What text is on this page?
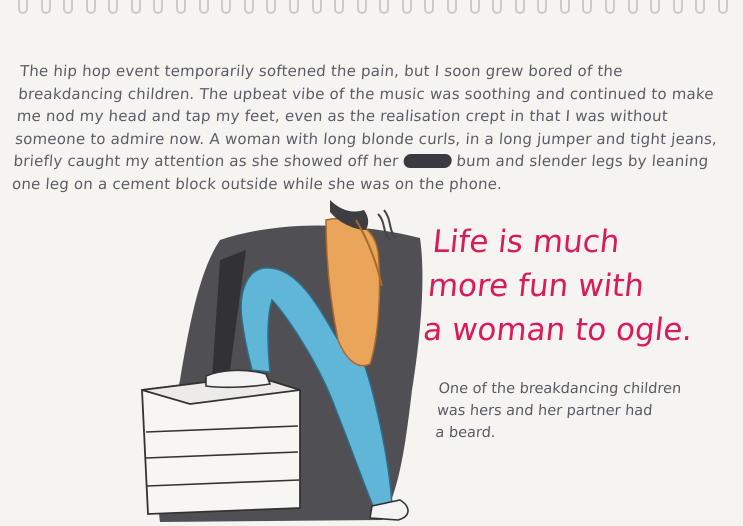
The hip hop event temporarily softened the pain, but I soon grew bored of the breakdancing children. The upbeat vibe of the music was soothing and continued to make me nod my head and tap my feet, even as the realisation crept in that I was without someone to admire now. A woman with long blonde curls, in a long jumper and tight jeans, briefly caught my attention as she showed off her	bum and slender legs by leaning one leg on a cement block outside while she was on the phone.

Life is much
more fun with
a woman to ogle.

One of the breakdancing children
was hers and her partner had
a beard.
